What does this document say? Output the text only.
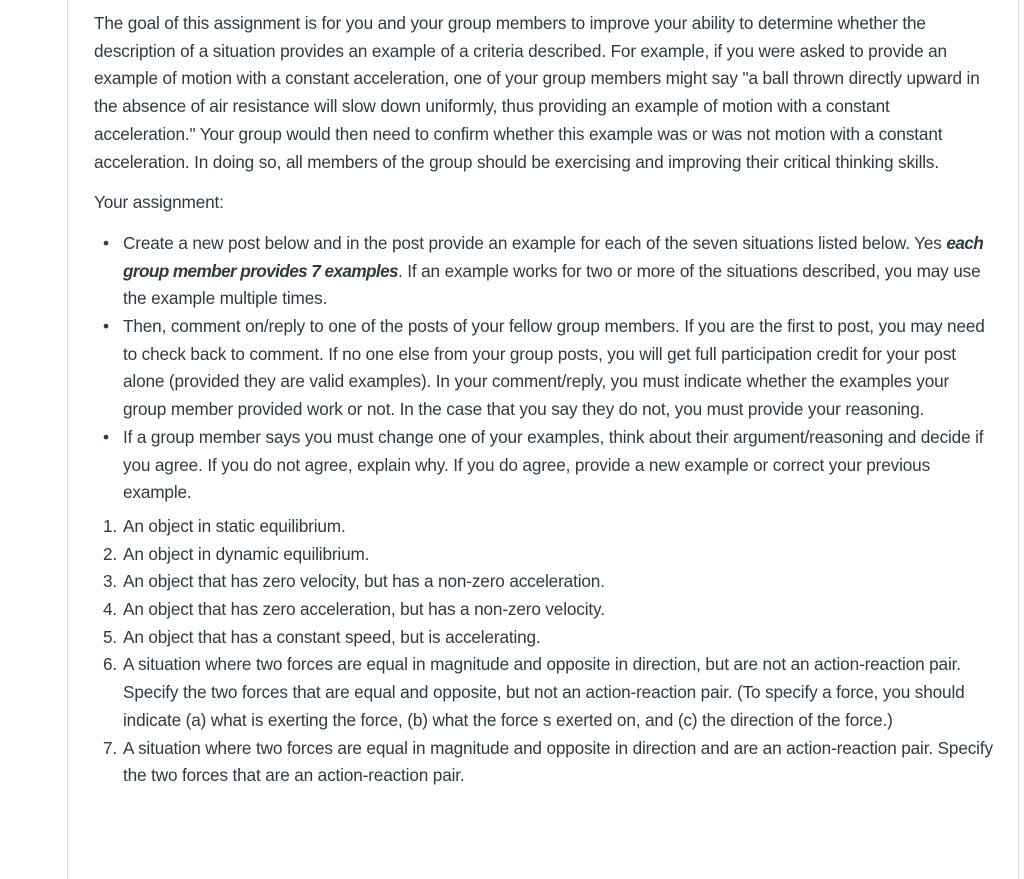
The goal of this assignment is for you and your group members to improve your ability to determine whether the description of a situation provides an example of a criteria described. For example, if you were asked to provide an example of motion with a constant acceleration, one of your group members might say "a ball thrown directly upward in the absence of air resistance will slow down uniformly, thus providing an example of motion with a constant acceleration." Your group would then need to confirm whether this example was or was not motion with a constant acceleration. In doing so, all members of the group should be exercising and improving their critical thinking skills.

Your assignment:

• Create a new post below and in the post provide an example for each of the seven situations listed below. Yes each group member provides 7 examples. If an example works for two or more of the situations described, you may use the example multiple times.
• Then, comment on/reply to one of the posts of your fellow group members. If you are the first to post, you may need to check back to comment. If no one else from your group posts, you will get full participation credit for your post alone (provided they are valid examples). In your comment/reply, you must indicate whether the examples your group member provided work or not. In the case that you say they do not, you must provide your reasoning.
• If a group member says you must change one of your examples, think about their argument/reasoning and decide if you agree. If you do not agree, explain why. If you do agree, provide a new example or correct your previous example.
1. An object in static equilibrium.
2. An object in dynamic equilibrium.
3. An object that has zero velocity, but has a non-zero acceleration.
4. An object that has zero acceleration, but has a non-zero velocity.
5. An object that has a constant speed, but is accelerating.
6. A situation where two forces are equal in magnitude and opposite in direction, but are not an action-reaction pair. Specify the two forces that are equal and opposite, but not an action-reaction pair. (To specify a force, you should indicate (a) what is exerting the force, (b) what the force s exerted on, and (c) the direction of the force.)
7. A situation where two forces are equal in magnitude and opposite in direction and are an action-reaction pair. Specify the two forces that are an action-reaction pair.
